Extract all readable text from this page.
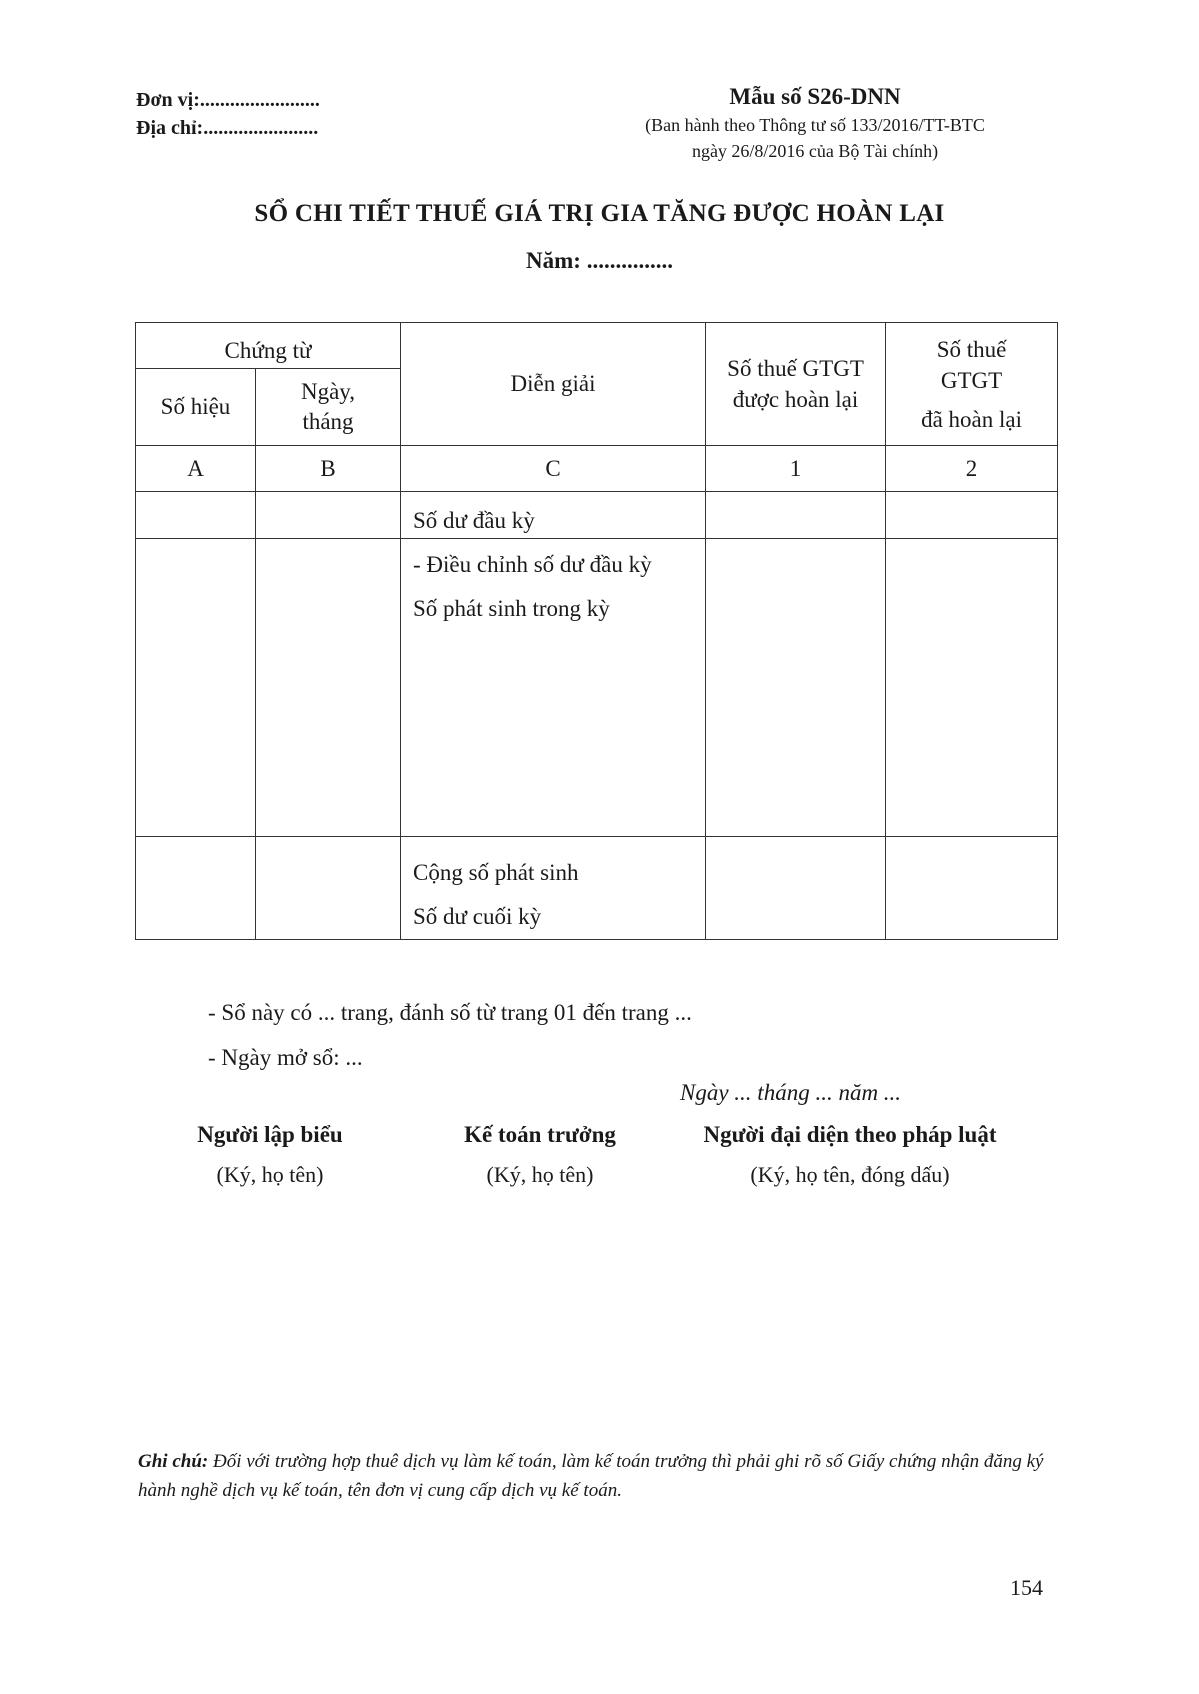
Đơn vị:........................
Địa chỉ:.......................
Mẫu số S26-DNN
(Ban hành theo Thông tư số 133/2016/TT-BTC
ngày 26/8/2016 của Bộ Tài chính)
SỔ CHI TIẾT THUẾ GIÁ TRỊ GIA TĂNG ĐƯỢC HOÀN LẠI
Năm: ...............
Chứng từ		Diễn giải	Số thuế GTGT được hoàn lại	Số thuế
GTGT
đã hoàn lại

Số hiệu	Ngày, tháng			
A	B	C	1	2
		Số dư đầu kỳ		

		- Điều chỉnh số dư đầu kỳ
Số phát sinh trong kỳ		

		Cộng số phát sinh
Số dư cuối kỳ		

- Sổ này có ... trang, đánh số từ trang 01 đến trang ...
- Ngày mở sổ: ...
Ngày ... tháng ... năm ...
Người lập biểu
(Ký, họ tên)
Kế toán trưởng
(Ký, họ tên)
Người đại diện theo pháp luật
(Ký, họ tên, đóng dấu)
Ghi chú: Đối với trường hợp thuê dịch vụ làm kế toán, làm kế toán trưởng thì phải ghi rõ số Giấy chứng nhận đăng ký hành nghề dịch vụ kế toán, tên đơn vị cung cấp dịch vụ kế toán.
154
